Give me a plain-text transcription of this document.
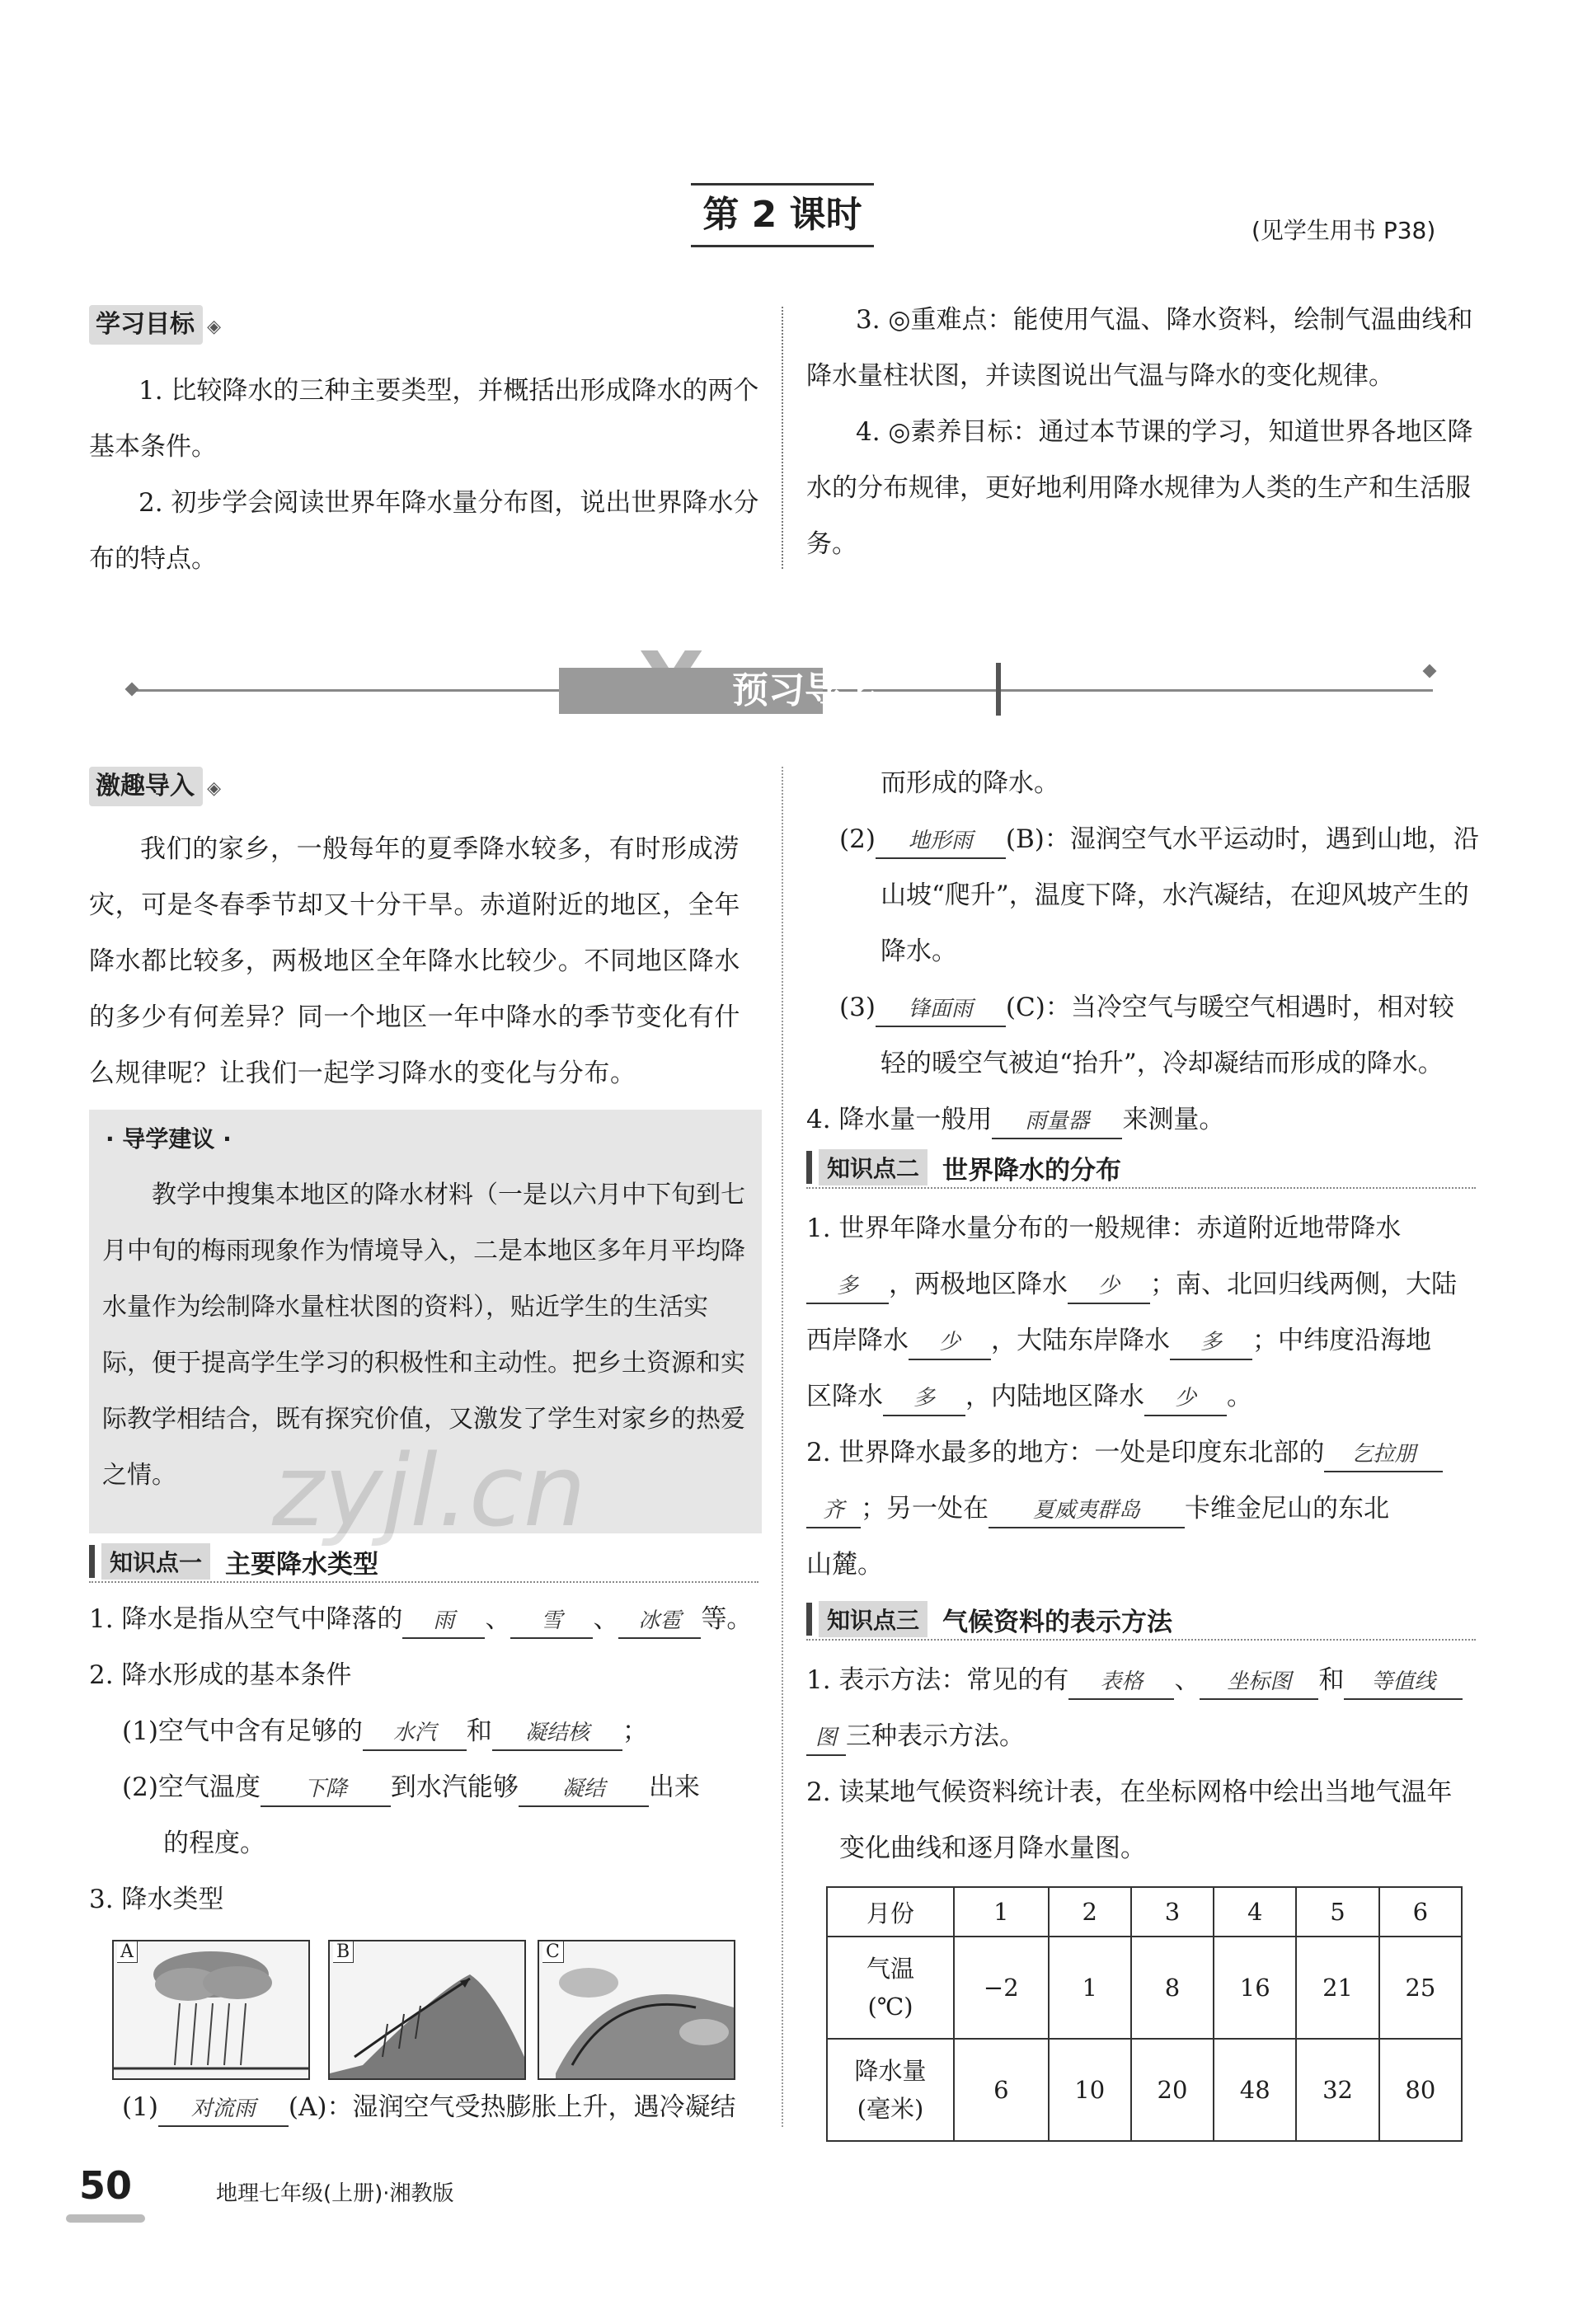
第 2 课时	(见学生用书 P38)
学习目标 ◈

1. 比较降水的三种主要类型，并概括出形成降水的两个基本条件。

2. 初步学会阅读世界年降水量分布图，说出世界降水分布的特点。

3. ◎重难点：能使用气温、降水资料，绘制气温曲线和降水量柱状图，并读图说出气温与降水的变化规律。

4. ◎素养目标：通过本节课的学习，知道世界各地区降水的分布规律，更好地利用降水规律为人类的生产和生活服务。

预习导学
激趣导入 ◈

我们的家乡，一般每年的夏季降水较多，有时形成涝灾，可是冬春季节却又十分干旱。赤道附近的地区，全年降水都比较多，两极地区全年降水比较少。不同地区降水的多少有何差异？同一个地区一年中降水的季节变化有什么规律呢？让我们一起学习降水的变化与分布。

· 导学建议 ·

教学中搜集本地区的降水材料（一是以六月中下旬到七月中旬的梅雨现象作为情境导入，二是本地区多年月平均降水量作为绘制降水量柱状图的资料），贴近学生的生活实际，便于提高学生学习的积极性和主动性。把乡土资源和实际教学相结合，既有探究价值，又激发了学生对家乡的热爱之情。

知识点一 主要降水类型

1. 降水是指从空气中降落的 雨 、 雪 、 冰雹 等。

2. 降水形成的基本条件

(1)空气中含有足够的 水汽 和 凝结核 ；

(2)空气温度 下降 到水汽能够 凝结 出来

的程度。

3. 降水类型

A	B	C

(1) 对流雨 (A)：湿润空气受热膨胀上升，遇冷凝结

而形成的降水。

(2) 地形雨 (B)：湿润空气水平运动时，遇到山地，沿

山坡“爬升”，温度下降，水汽凝结，在迎风坡产生的

降水。

(3) 锋面雨 (C)：当冷空气与暖空气相遇时，相对较

轻的暖空气被迫“抬升”，冷却凝结而形成的降水。

4. 降水量一般用 雨量器 来测量。

知识点二 世界降水的分布

1. 世界年降水量分布的一般规律：赤道附近地带降水

多 ，两极地区降水 少 ；南、北回归线两侧，大陆

西岸降水 少 ，大陆东岸降水 多 ；中纬度沿海地

区降水 多 ，内陆地区降水 少 。

2. 世界降水最多的地方：一处是印度东北部的 乞拉朋

齐 ；另一处在 夏威夷群岛 卡维金尼山的东北

山麓。

知识点三 气候资料的表示方法

1. 表示方法：常见的有 表格 、 坐标图 和 等值线

图 三种表示方法。

2. 读某地气候资料统计表，在坐标网格中绘出当地气温年

变化曲线和逐月降水量图。

月份	1	2	3	4	5	6

气温
(℃)	−2	1	8	16	21	25

降水量
(毫米)	6	10	20	48	32	80
zyjl.cn
50	地理七年级(上册)·湘教版
